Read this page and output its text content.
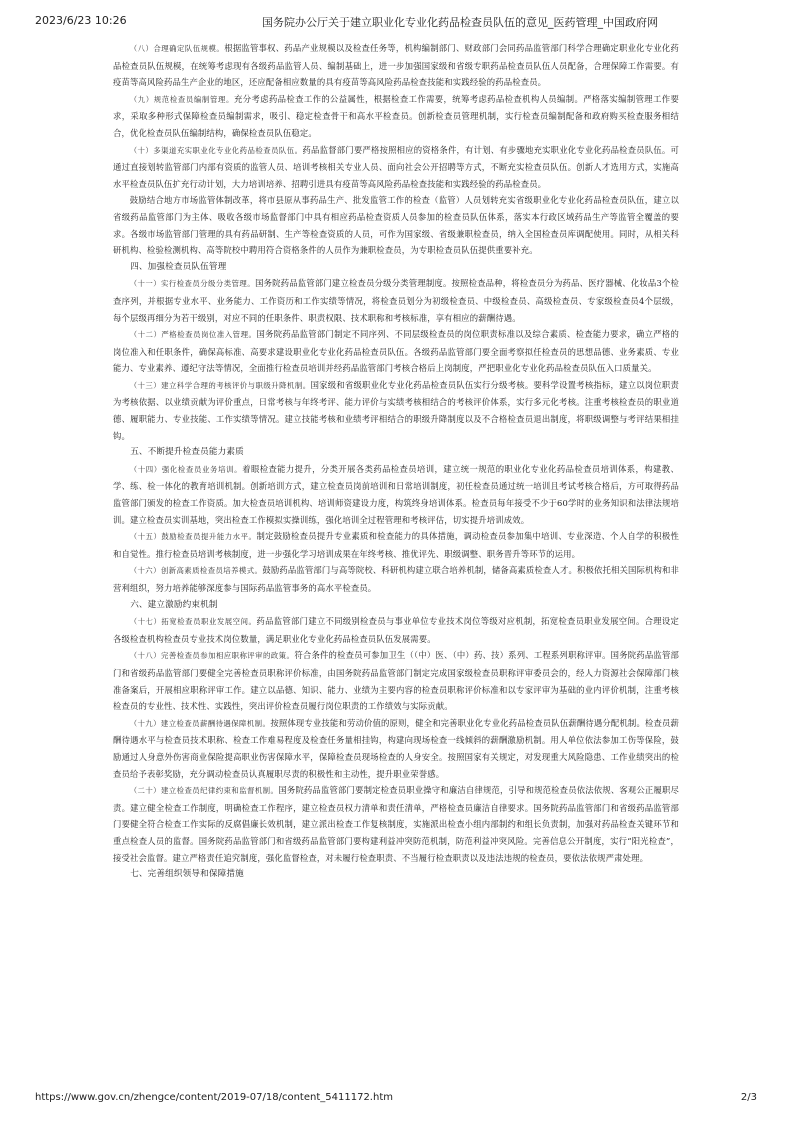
2023/6/23 10:26	国务院办公厅关于建立职业化专业化药品检查员队伍的意见_医药管理_中国政府网

（八）合理确定队伍规模。根据监管事权、药品产业规模以及检查任务等，机构编制部门、财政部门会同药品监管部门科学合理确定职业化专业化药品检查员队伍规模，在统筹考虑现有各级药品监管人员、编制基础上，进一步加强国家级和省级专职药品检查员队伍人员配备，合理保障工作需要。有疫苗等高风险药品生产企业的地区，还应配备相应数量的具有疫苗等高风险药品检查技能和实践经验的药品检查员。

（九）规范检查员编制管理。充分考虑药品检查工作的公益属性，根据检查工作需要，统筹考虑药品检查机构人员编制。严格落实编制管理工作要求，采取多种形式保障检查员编制需求，吸引、稳定检查骨干和高水平检查员。创新检查员管理机制，实行检查员编制配备和政府购买检查服务相结合，优化检查员队伍编制结构，确保检查员队伍稳定。

（十）多渠道充实职业化专业化药品检查员队伍。药品监督部门要严格按照相应的资格条件，有计划、有步骤地充实职业化专业化药品检查员队伍。可通过直接划转监管部门内部有资质的监管人员、培训考核相关专业人员、面向社会公开招聘等方式，不断充实检查员队伍。创新人才选用方式，实施高水平检查员队伍扩充行动计划，大力培训培养、招聘引进具有疫苗等高风险药品检查技能和实践经验的药品检查员。

鼓励结合地方市场监管体制改革，将市县原从事药品生产、批发监管工作的检查（监管）人员划转充实省级职业化专业化药品检查员队伍，建立以省级药品监管部门为主体、吸收各级市场监督部门中具有相应药品检查资质人员参加的检查员队伍体系，落实本行政区域药品生产等监管全覆盖的要求。各级市场监管部门管理的具有药品研制、生产等检查资质的人员，可作为国家级、省级兼职检查员，纳入全国检查员库调配使用。同时，从相关科研机构、检验检测机构、高等院校中聘用符合资格条件的人员作为兼职检查员，为专职检查员队伍提供重要补充。

四、加强检查员队伍管理

（十一）实行检查员分级分类管理。国务院药品监管部门建立检查员分级分类管理制度。按照检查品种，将检查员分为药品、医疗器械、化妆品3个检查序列，并根据专业水平、业务能力、工作资历和工作实绩等情况，将检查员划分为初级检查员、中级检查员、高级检查员、专家级检查员4个层级，每个层级再细分为若干级别，对应不同的任职条件、职责权限、技术职称和考核标准，享有相应的薪酬待遇。

（十二）严格检查员岗位准入管理。国务院药品监管部门制定不同序列、不同层级检查员的岗位职责标准以及综合素质、检查能力要求，确立严格的岗位准入和任职条件，确保高标准、高要求建设职业化专业化药品检查员队伍。各级药品监管部门要全面考察拟任检查员的思想品德、业务素质、专业能力、专业素养、遵纪守法等情况，全面推行检查员培训并经药品监管部门考核合格后上岗制度，严把职业化专业化药品检查员队伍入口质量关。

（十三）建立科学合理的考核评价与职级升降机制。国家级和省级职业化专业化药品检查员队伍实行分级考核。要科学设置考核指标，建立以岗位职责为考核依据、以业绩贡献为评价重点，日常考核与年终考评、能力评价与实绩考核相结合的考核评价体系，实行多元化考核。注重考核检查员的职业道德、履职能力、专业技能、工作实绩等情况。建立技能考核和业绩考评相结合的职级升降制度以及不合格检查员退出制度，将职级调整与考评结果相挂钩。

五、不断提升检查员能力素质

（十四）强化检查员业务培训。着眼检查能力提升，分类开展各类药品检查员培训，建立统一规范的职业化专业化药品检查员培训体系，构建教、学、练、检一体化的教育培训机制。创新培训方式，建立检查员岗前培训和日常培训制度，初任检查员通过统一培训且考试考核合格后，方可取得药品监管部门颁发的检查工作资质。加大检查员培训机构、培训师资建设力度，构筑终身培训体系。检查员每年接受不少于60学时的业务知识和法律法规培训。建立检查员实训基地，突出检查工作模拟实操训练，强化培训全过程管理和考核评估，切实提升培训成效。

（十五）鼓励检查员提升能力水平。制定鼓励检查员提升专业素质和检查能力的具体措施，调动检查员参加集中培训、专业深造、个人自学的积极性和自觉性。推行检查员培训考核制度，进一步强化学习培训成果在年终考核、推优评先、职级调整、职务晋升等环节的运用。

（十六）创新高素质检查员培养模式。鼓励药品监管部门与高等院校、科研机构建立联合培养机制，储备高素质检查人才。积极依托相关国际机构和非营利组织，努力培养能够深度参与国际药品监管事务的高水平检查员。

六、建立激励约束机制

（十七）拓宽检查员职业发展空间。药品监管部门建立不同级别检查员与事业单位专业技术岗位等级对应机制，拓宽检查员职业发展空间。合理设定各级检查机构检查员专业技术岗位数量，满足职业化专业化药品检查员队伍发展需要。

（十八）完善检查员参加相应职称评审的政策。符合条件的检查员可参加卫生（（中）医、（中）药、技）系列、工程系列职称评审。国务院药品监管部门和省级药品监管部门要健全完善检查员职称评价标准，由国务院药品监管部门制定完成国家级检查员职称评审委员会的，经人力资源社会保障部门核准备案后，开展相应职称评审工作。建立以品德、知识、能力、业绩为主要内容的检查员职称评价标准和以专家评审为基础的业内评价机制，注重考核检查员的专业性、技术性、实践性，突出评价检查员履行岗位职责的工作绩效与实际贡献。

（十九）建立检查员薪酬待遇保障机制。按照体现专业技能和劳动价值的原则，健全和完善职业化专业化药品检查员队伍薪酬待遇分配机制。检查员薪酬待遇水平与检查员技术职称、检查工作难易程度及检查任务量相挂钩，构建向现场检查一线倾斜的薪酬激励机制。用人单位依法参加工伤等保险，鼓励通过人身意外伤害商业保险提高职业伤害保障水平，保障检查员现场检查的人身安全。按照国家有关规定，对发现重大风险隐患、工作业绩突出的检查员给予表彰奖励，充分调动检查员认真履职尽责的积极性和主动性，提升职业荣誉感。

（二十）建立检查员纪律约束和监督机制。国务院药品监管部门要制定检查员职业操守和廉洁自律规范，引导和规范检查员依法依规、客观公正履职尽责。建立健全检查工作制度，明确检查工作程序，建立检查员权力清单和责任清单，严格检查员廉洁自律要求。国务院药品监管部门和省级药品监管部门要健全符合检查工作实际的反腐倡廉长效机制，建立派出检查工作复核制度，实施派出检查小组内部制约和组长负责制，加强对药品检查关键环节和重点检查人员的监督。国务院药品监管部门和省级药品监管部门要构建利益冲突防范机制，防范利益冲突风险。完善信息公开制度，实行“阳光检查”，接受社会监督。建立严格责任追究制度，强化监督检查，对未履行检查职责、不当履行检查职责以及违法违规的检查员，要依法依规严肃处理。

七、完善组织领导和保障措施

https://www.gov.cn/zhengce/content/2019-07/18/content_5411172.htm	2/3
